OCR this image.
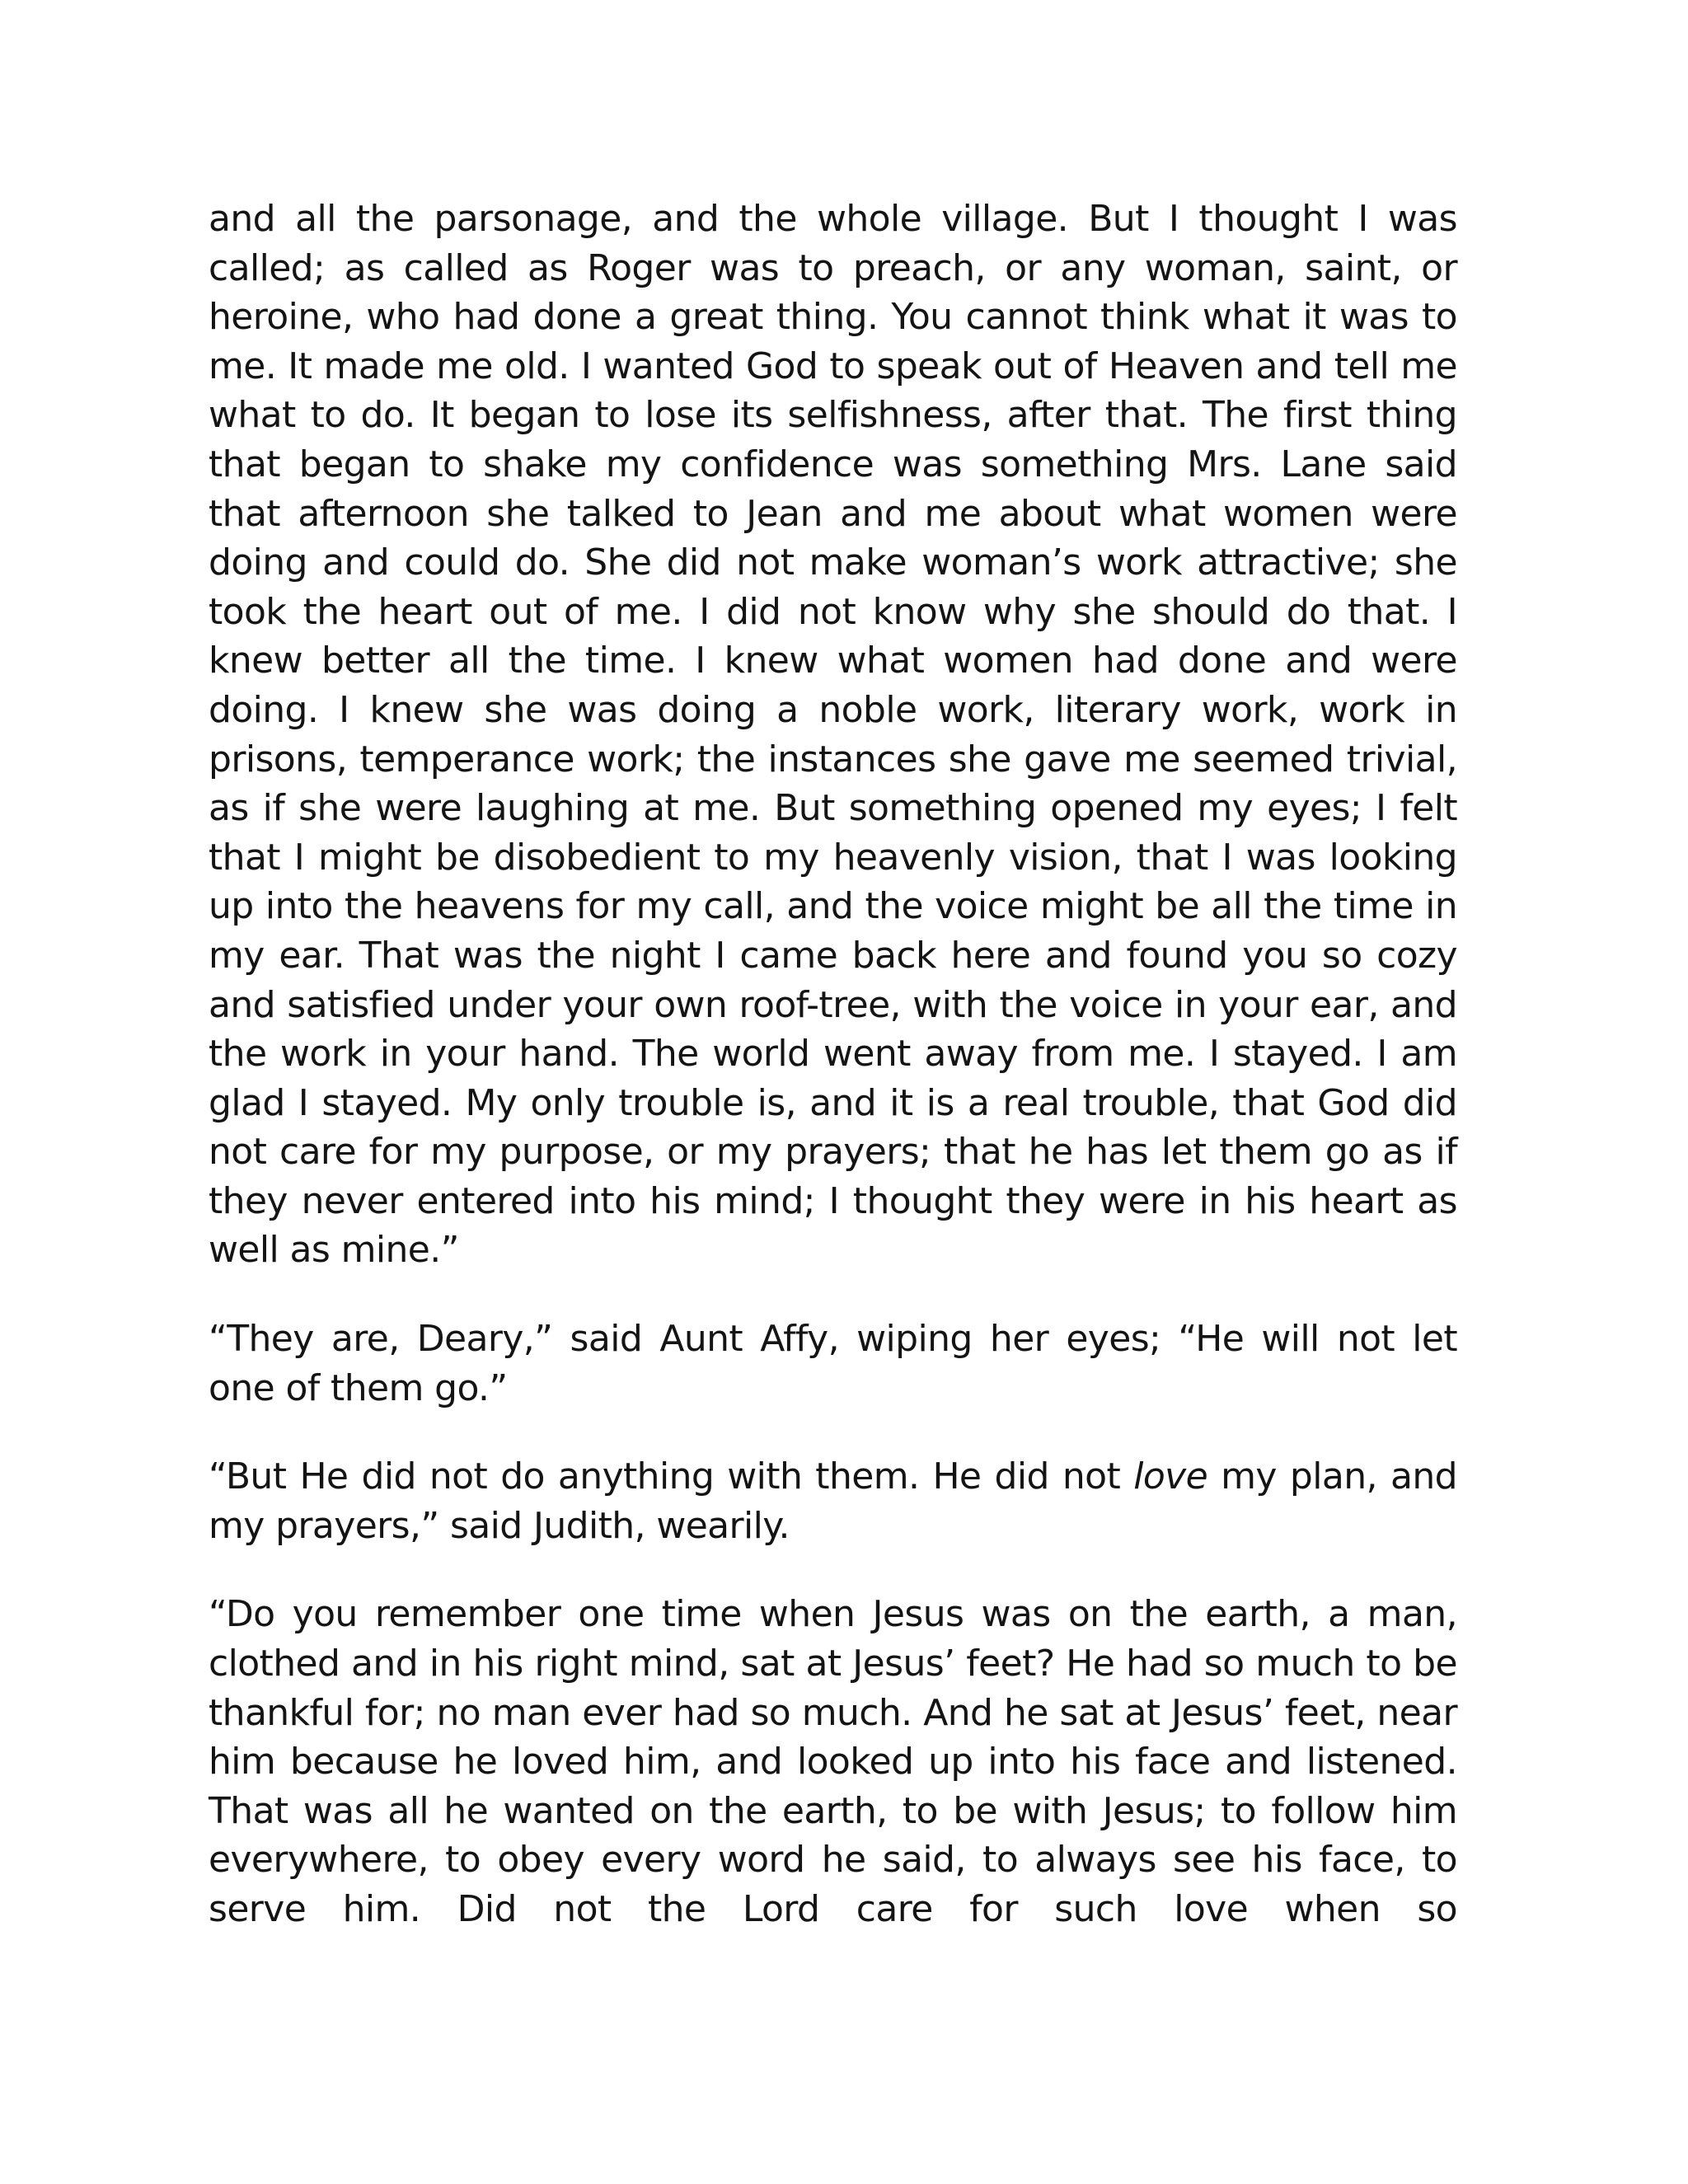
and all the parsonage, and the whole village. But I thought I was called; as called as Roger was to preach, or any woman, saint, or heroine, who had done a great thing. You cannot think what it was to me. It made me old. I wanted God to speak out of Heaven and tell me what to do. It began to lose its selfishness, after that. The first thing that began to shake my confidence was something Mrs. Lane said that afternoon she talked to Jean and me about what women were doing and could do. She did not make woman’s work attractive; she took the heart out of me. I did not know why she should do that. I knew better all the time. I knew what women had done and were doing. I knew she was doing a noble work, literary work, work in prisons, temperance work; the instances she gave me seemed trivial, as if she were laughing at me. But something opened my eyes; I felt that I might be disobedient to my heavenly vision, that I was looking up into the heavens for my call, and the voice might be all the time in my ear. That was the night I came back here and found you so cozy and satisfied under your own roof-tree, with the voice in your ear, and the work in your hand. The world went away from me. I stayed. I am glad I stayed. My only trouble is, and it is a real trouble, that God did not care for my purpose, or my prayers; that he has let them go as if they never entered into his mind; I thought they were in his heart as well as mine.”

“They are, Deary,” said Aunt Affy, wiping her eyes; “He will not let one of them go.”

“But He did not do anything with them. He did not love my plan, and my prayers,” said Judith, wearily.

“Do you remember one time when Jesus was on the earth, a man, clothed and in his right mind, sat at Jesus’ feet? He had so much to be thankful for; no man ever had so much. And he sat at Jesus’ feet, near him because he loved him, and looked up into his face and listened. That was all he wanted on the earth, to be with Jesus; to follow him everywhere, to obey every word he said, to always see his face, to serve him. Did not the Lord care for such love when so
